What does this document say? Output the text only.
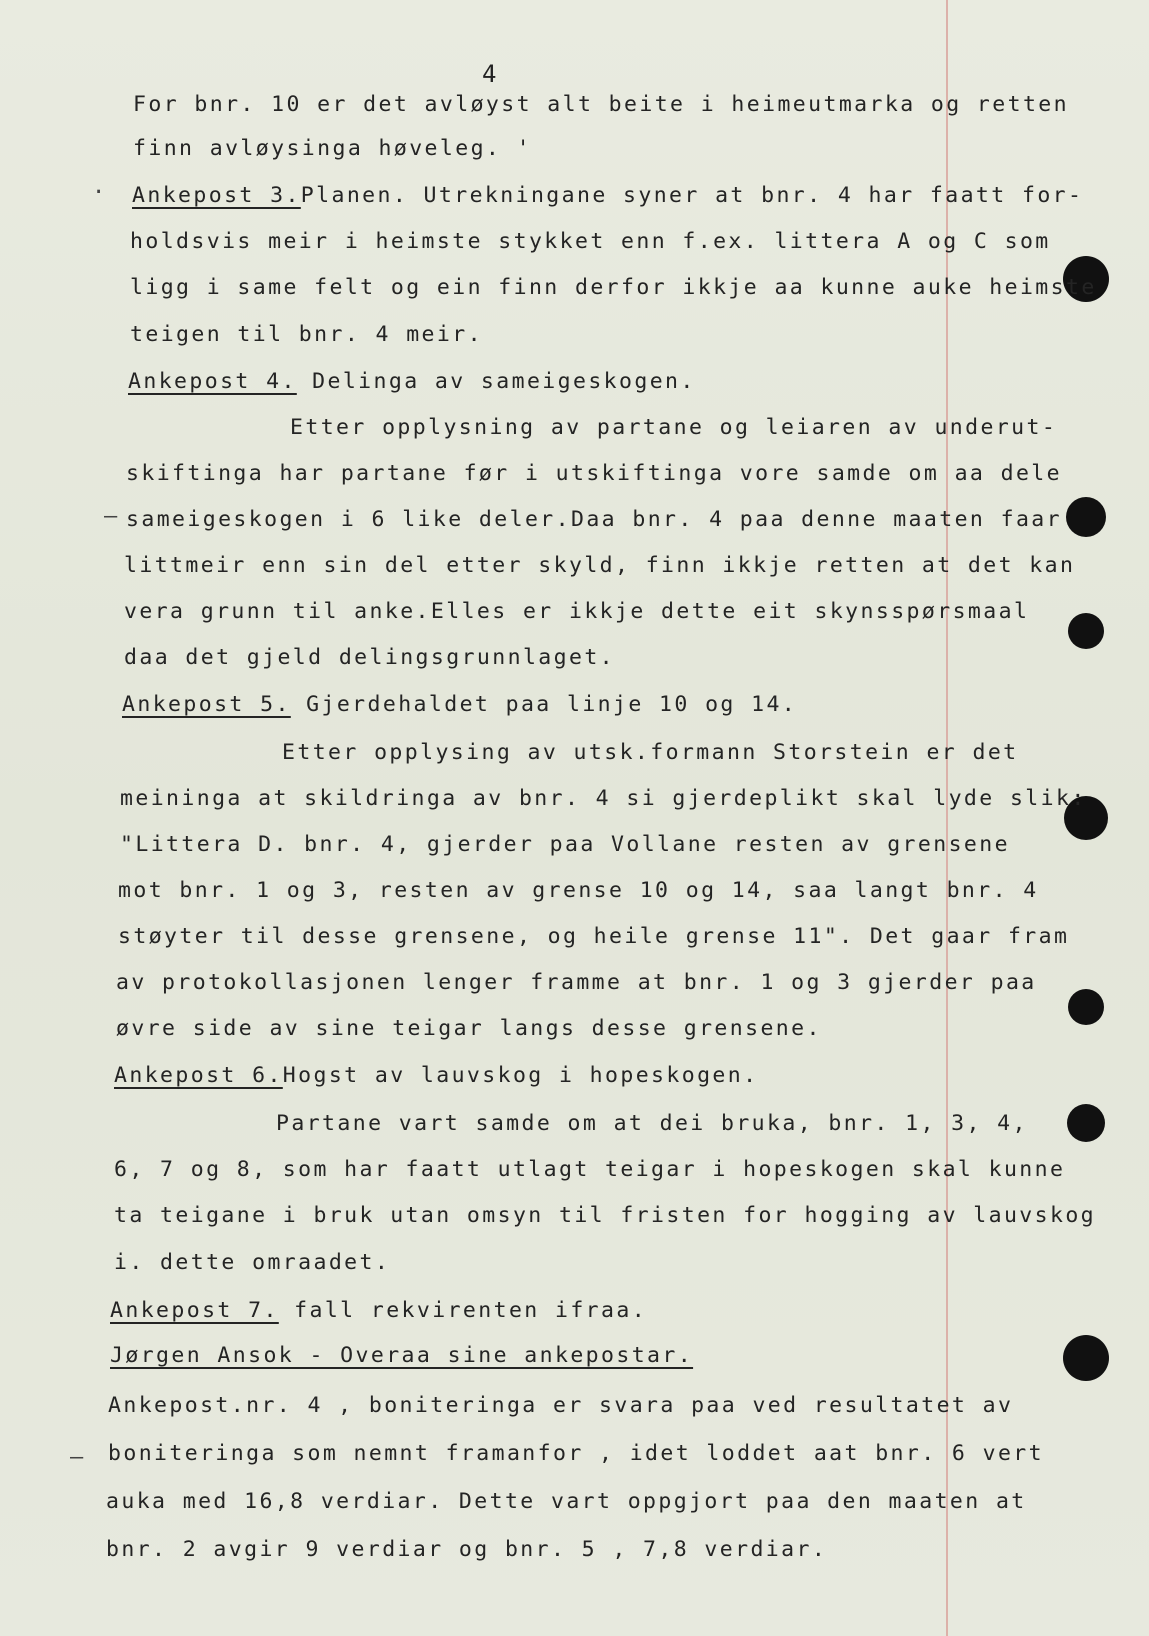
4
·
–
–
For bnr. 10 er det avløyst alt beite i heimeutmarka og retten
finn avløysinga høveleg. '
Ankepost 3.Planen. Utrekningane syner at bnr. 4 har faatt for-
holdsvis meir i heimste stykket enn f.ex. littera A og C som
ligg i same felt og ein finn derfor ikkje aa kunne auke heimste
teigen til bnr. 4 meir.
Ankepost 4. Delinga av sameigeskogen.
Etter opplysning av partane og leiaren av underut-
skiftinga har partane før i utskiftinga vore samde om aa dele
sameigeskogen i 6 like deler.Daa bnr. 4 paa denne maaten faar
littmeir enn sin del etter skyld, finn ikkje retten at det kan
vera grunn til anke.Elles er ikkje dette eit skynsspørsmaal
daa det gjeld delingsgrunnlaget.
Ankepost 5. Gjerdehaldet paa linje 10 og 14.
Etter opplysing av utsk.formann Storstein er det
meininga at skildringa av bnr. 4 si gjerdeplikt skal lyde slik:
"Littera D. bnr. 4, gjerder paa Vollane resten av grensene
mot bnr. 1 og 3, resten av grense 10 og 14, saa langt bnr. 4
støyter til desse grensene, og heile grense 11". Det gaar fram
av protokollasjonen lenger framme at bnr. 1 og 3 gjerder paa
øvre side av sine teigar langs desse grensene.
Ankepost 6.Hogst av lauvskog i hopeskogen.
Partane vart samde om at dei bruka, bnr. 1, 3, 4,
6, 7 og 8, som har faatt utlagt teigar i hopeskogen skal kunne
ta teigane i bruk utan omsyn til fristen for hogging av lauvskog
i. dette omraadet.
Ankepost 7. fall rekvirenten ifraa.
Jørgen Ansok - Overaa sine ankepostar.
Ankepost.nr. 4 , boniteringa er svara paa ved resultatet av
boniteringa som nemnt framanfor , idet loddet aat bnr. 6 vert
auka med 16,8 verdiar. Dette vart oppgjort paa den maaten at
bnr. 2 avgir 9 verdiar og bnr. 5 , 7,8 verdiar.
